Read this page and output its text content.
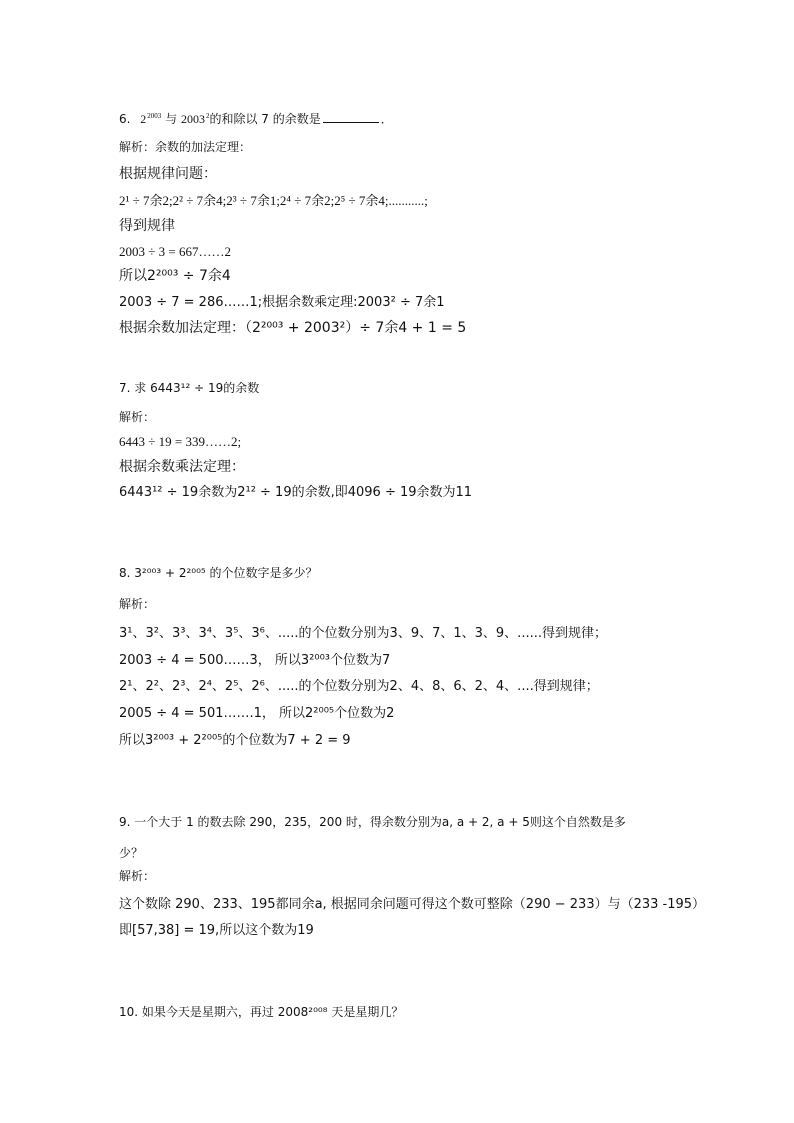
6. $2^{2003}$ 与 2003$^2$的和除以 7 的余数是	．
解析：余数的加法定理：
根据规律问题：
2¹ ÷ 7余2;2² ÷ 7余4;2³ ÷ 7余1;2⁴ ÷ 7余2;2⁵ ÷ 7余4;...........;
得到规律
2003 ÷ 3 = 667……2
所以2²⁰⁰³ ÷ 7余4
2003 ÷ 7 = 286……1;根据余数乘定理:2003² ÷ 7余1
根据余数加法定理：（2²⁰⁰³ + 2003²）÷ 7余4 + 1 = 5
7. 求 6443¹² ÷ 19的余数
解析：
6443 ÷ 19 = 339……2;
根据余数乘法定理：
6443¹² ÷ 19余数为2¹² ÷ 19的余数,即4096 ÷ 19余数为11
8. 3²⁰⁰³ + 2²⁰⁰⁵ 的个位数字是多少？
解析：
3¹、3²、3³、3⁴、3⁵、3⁶、.....的个位数分别为3、9、7、1、3、9、......得到规律；
2003 ÷ 4 = 500……3， 所以3²⁰⁰³个位数为7
2¹、2²、2³、2⁴、2⁵、2⁶、.....的个位数分别为2、4、8、6、2、4、....得到规律；
2005 ÷ 4 = 501…….1， 所以2²⁰⁰⁵个位数为2
所以3²⁰⁰³ + 2²⁰⁰⁵的个位数为7 + 2 = 9
9. 一个大于 1 的数去除 290，235，200 时，得余数分别为a, a + 2, a + 5则这个自然数是多
少？
解析：
这个数除 290、233、195都同余a, 根据同余问题可得这个数可整除（290 − 233）与（233 -195）
即[57,38] = 19,所以这个数为19
10. 如果今天是星期六，再过 2008²⁰⁰⁸ 天是星期几？
